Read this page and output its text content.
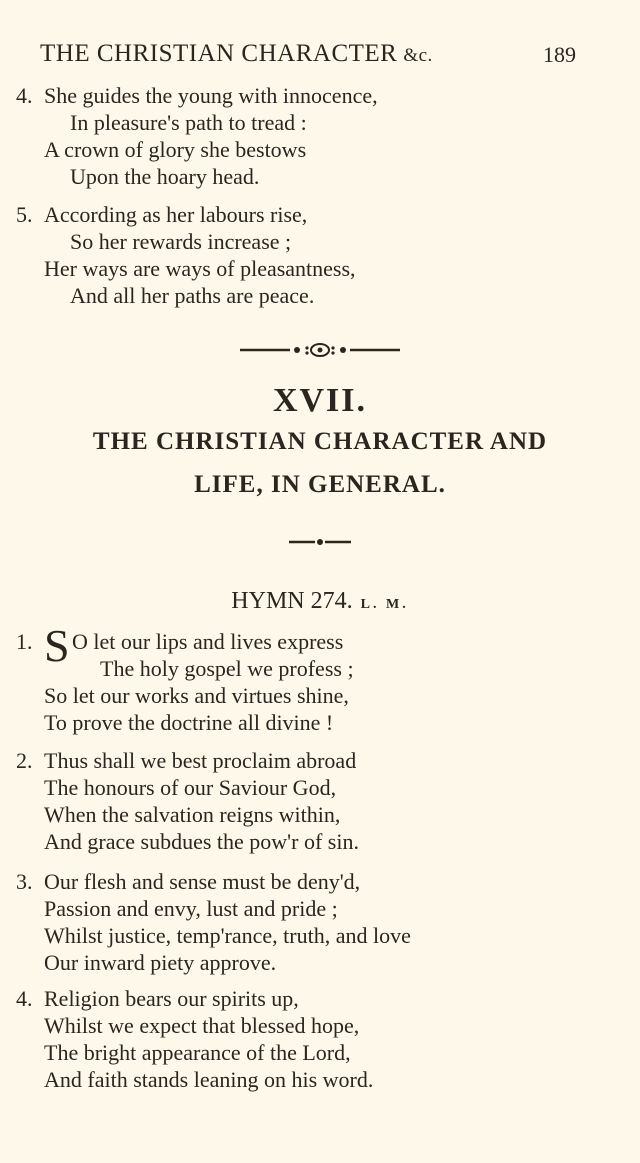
THE CHRISTIAN CHARACTER &c.	189
4. She guides the young with innocence,
In pleasure's path to tread :
A crown of glory she bestows
Upon the hoary head.
5. According as her labours rise,
So her rewards increase ;
Her ways are ways of pleasantness,
And all her paths are peace.
XVII.
THE CHRISTIAN CHARACTER AND
LIFE, IN GENERAL.
HYMN 274. L. M.
1. S O let our lips and lives express
The holy gospel we profess ;
So let our works and virtues shine,
To prove the doctrine all divine !
2. Thus shall we best proclaim abroad
The honours of our Saviour God,
When the salvation reigns within,
And grace subdues the pow'r of sin.
3. Our flesh and sense must be deny'd,
Passion and envy, lust and pride ;
Whilst justice, temp'rance, truth, and love
Our inward piety approve.
4. Religion bears our spirits up,
Whilst we expect that blessed hope,
The bright appearance of the Lord,
And faith stands leaning on his word.
